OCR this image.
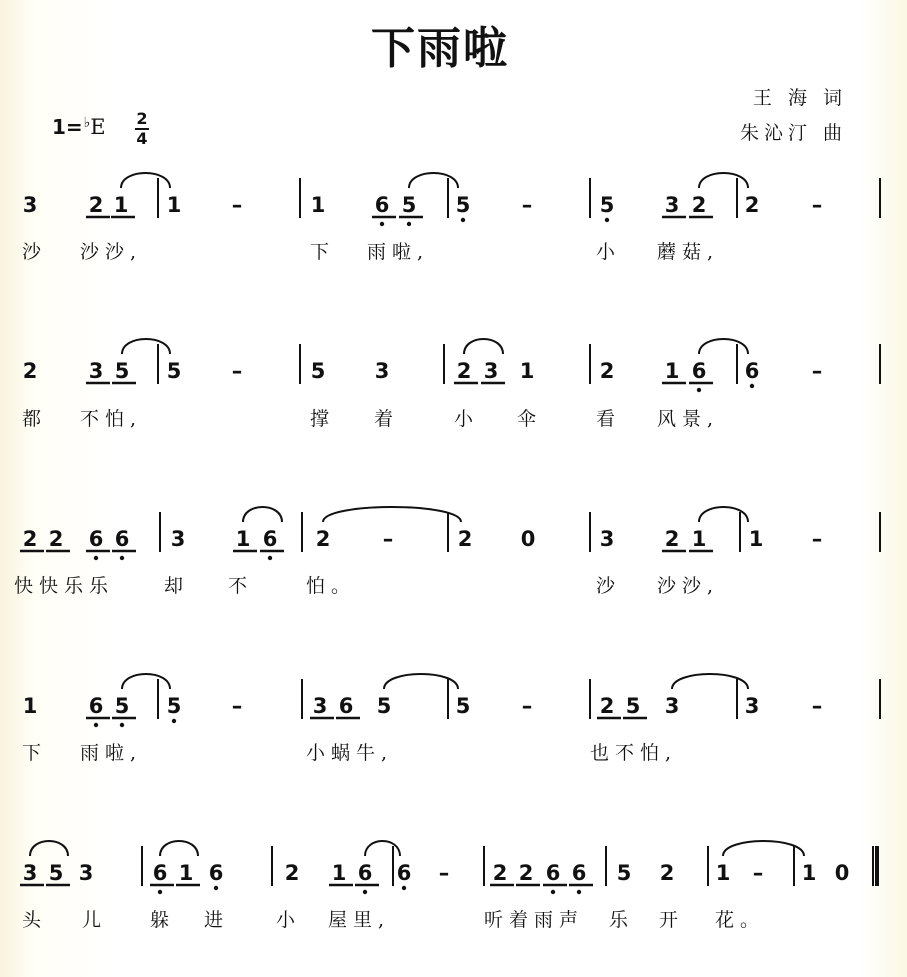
下雨啦
王 海 词
朱沁汀 曲
1=♭E 2
4
3 2 1 1 –	1 6 5 5 –	5 3 2 2 –
沙 沙沙,	下 雨啦,	小 蘑菇,
2 3 5 5 –	5 3	2 3 1	2 1 6 6 –
都 不怕,	撑 着	小 伞	看 风景,
2 2 6 6 3 1 6 2 –	2 0	3 2 1 1 –
快快乐乐	却 不	怕。	沙 沙沙,
1 6 5 5 –	3 6 5	5 –	2 5 3	3 –
下 雨啦,	小蜗牛,	也不怕,
3 5 3	6 1 6	2 1 6 6 – 2 2 6 6 5 2 1 – 1 0
头 儿 躲 进 小 屋里,	听着雨声 乐 开 花。
